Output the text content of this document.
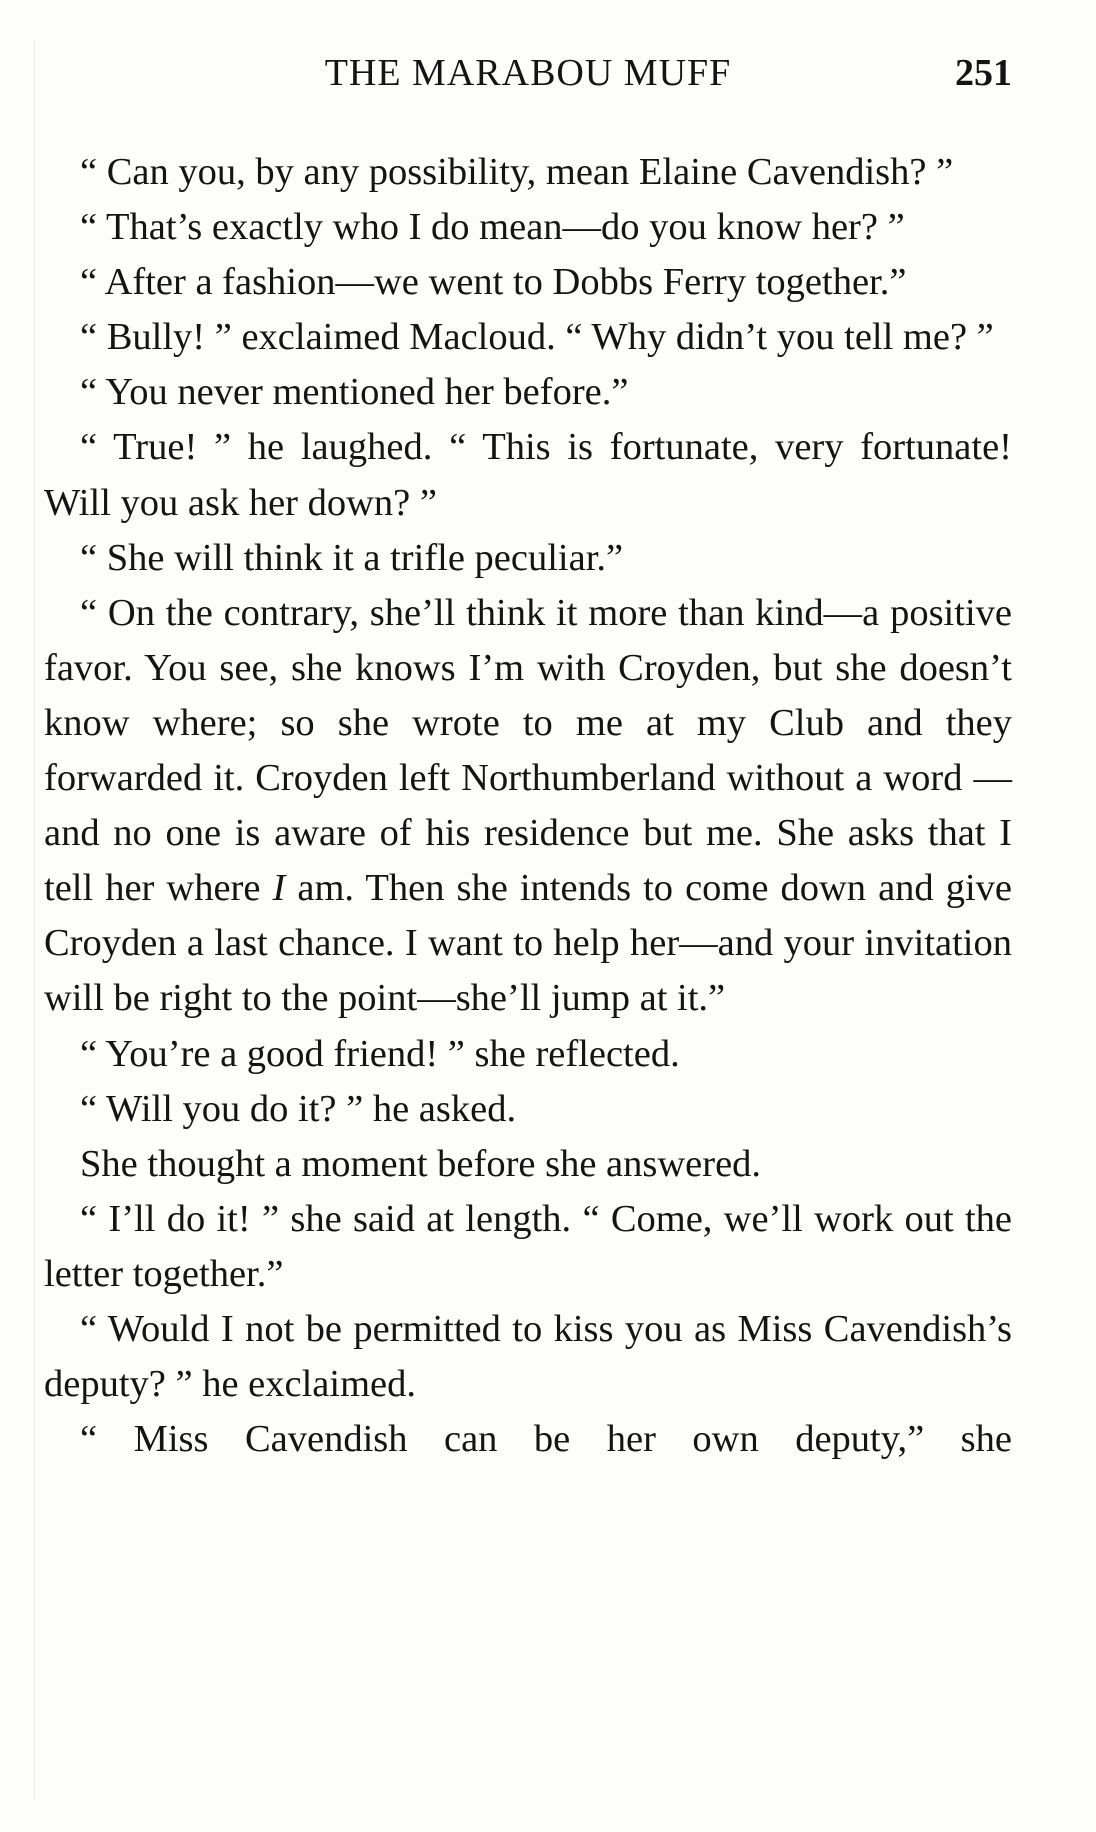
THE MARABOU MUFF	251

“ Can you, by any possibility, mean Elaine Cavendish? ”

“ That’s exactly who I do mean—do you know her? ”

“ After a fashion—we went to Dobbs Ferry together.”

“ Bully! ” exclaimed Macloud. “ Why didn’t you tell me? ”

“ You never mentioned her before.”

“ True! ” he laughed. “ This is fortunate, very fortunate! Will you ask her down? ”

“ She will think it a trifle peculiar.”

“ On the contrary, she’ll think it more than kind—a positive favor. You see, she knows I’m with Croyden, but she doesn’t know where; so she wrote to me at my Club and they forwarded it. Croyden left Northumberland without a word —and no one is aware of his residence but me. She asks that I tell her where I am. Then she intends to come down and give Croyden a last chance. I want to help her—and your invitation will be right to the point—she’ll jump at it.”

“ You’re a good friend! ” she reflected.

“ Will you do it? ” he asked.

She thought a moment before she answered.

“ I’ll do it! ” she said at length. “ Come, we’ll work out the letter together.”

“ Would I not be permitted to kiss you as Miss Cavendish’s deputy? ” he exclaimed.

“ Miss Cavendish can be her own deputy,” she
